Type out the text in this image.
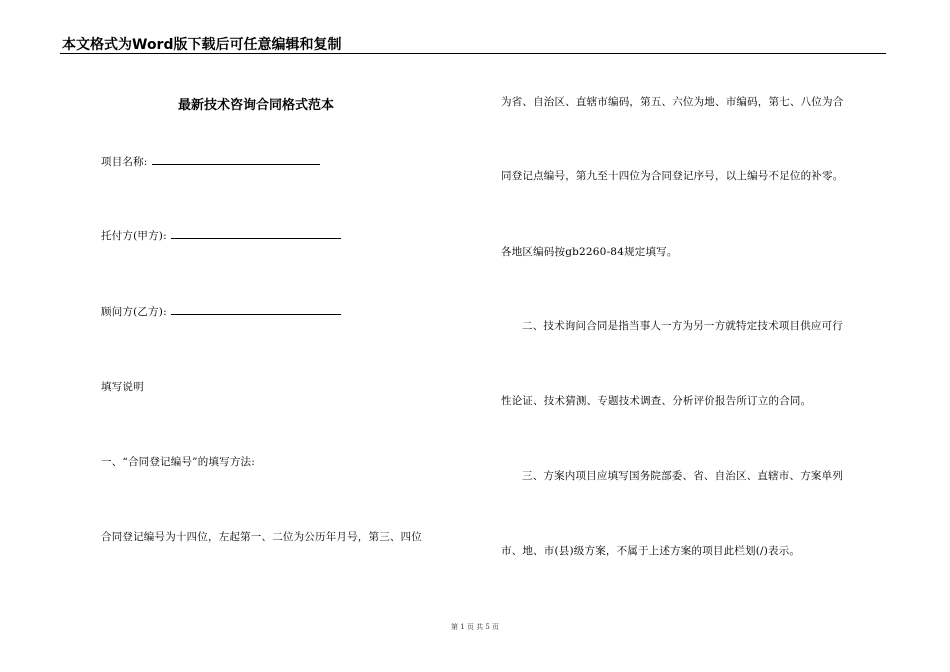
本文格式为Word版下载后可任意编辑和复制
最新技术咨询合同格式范本
项目名称:
托付方(甲方):
顾问方(乙方):
填写说明
一、“合同登记编号”的填写方法:
合同登记编号为十四位，左起第一、二位为公历年月号，第三、四位
为省、自治区、直辖市编码，第五、六位为地、市编码，第七、八位为合
同登记点编号，第九至十四位为合同登记序号，以上编号不足位的补零。
各地区编码按gb2260-84规定填写。
二、技术询问合同是指当事人一方为另一方就特定技术项目供应可行
性论证、技术猜测、专题技术调查、分析评价报告所订立的合同。
三、方案内项目应填写国务院部委、省、自治区、直辖市、方案单列
市、地、市(县)级方案，不属于上述方案的项目此栏划(/)表示。
第 1 页 共 5 页
